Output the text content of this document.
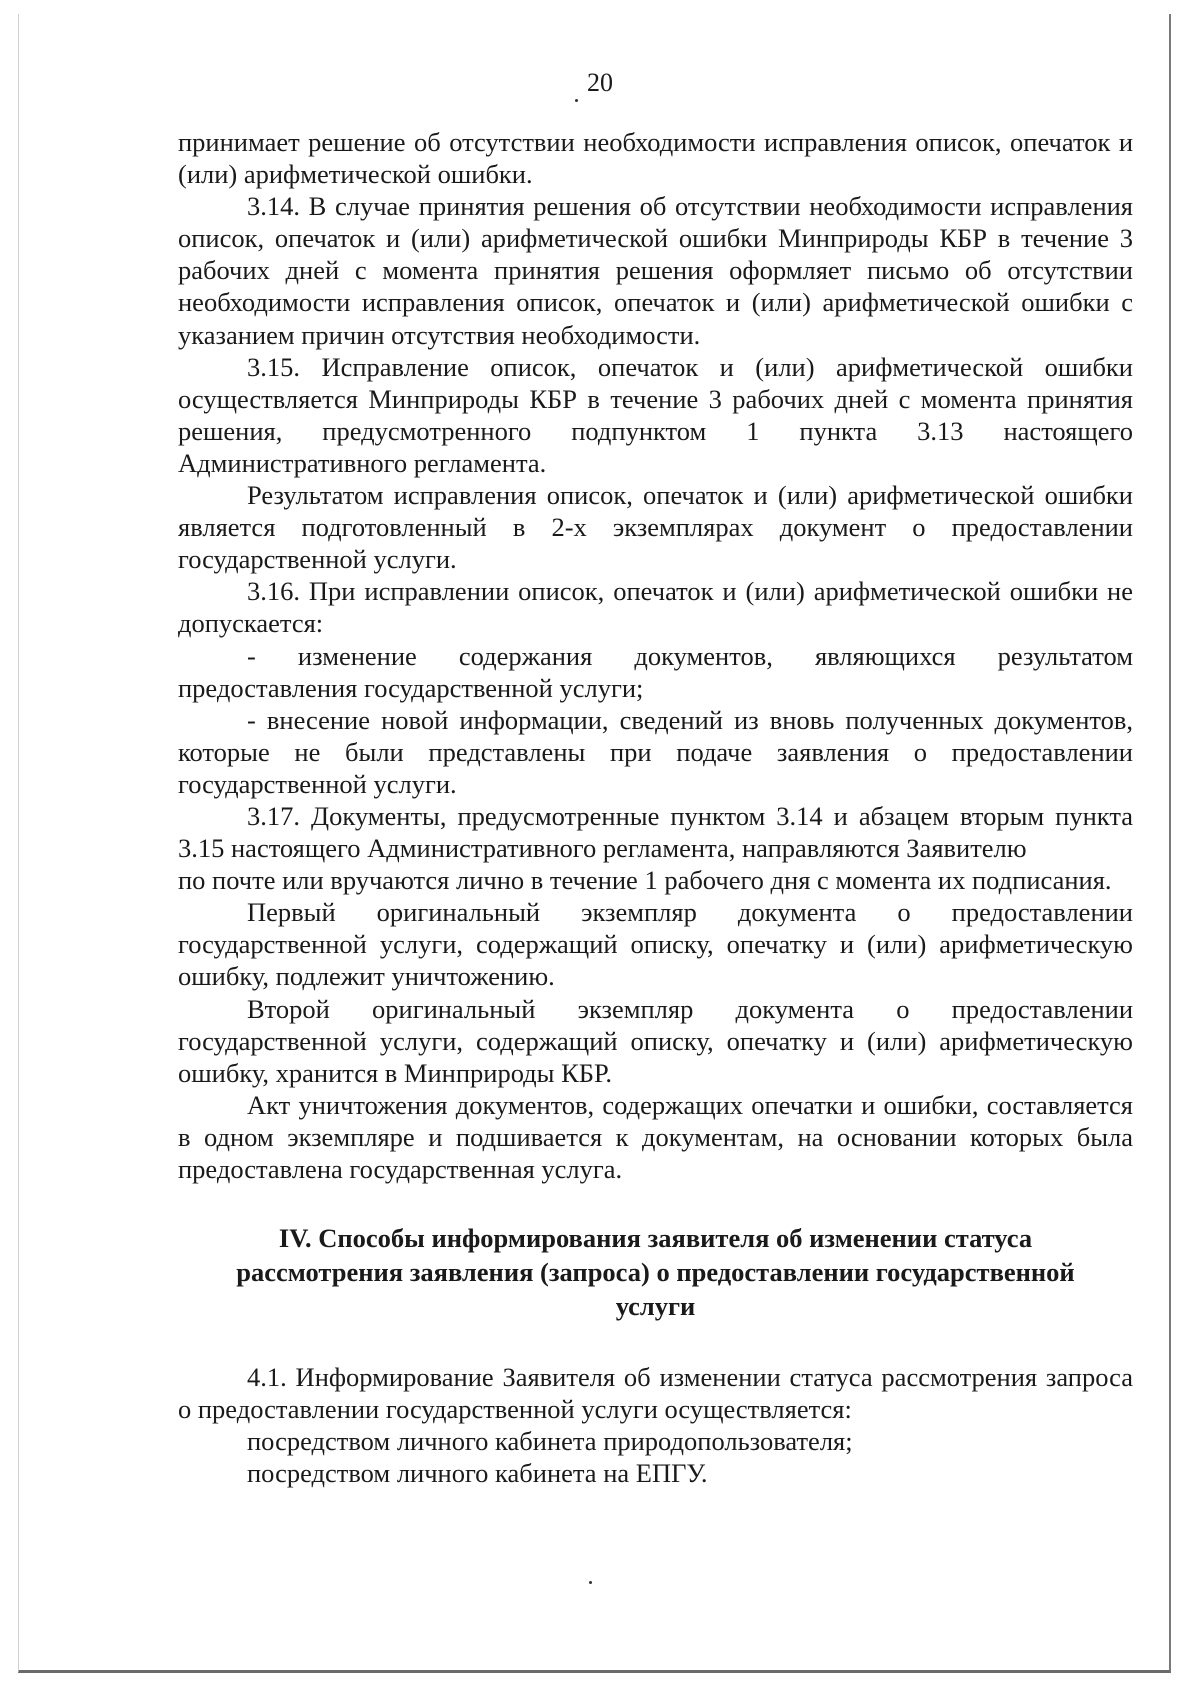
20

принимает решение об отсутствии необходимости исправления описок, опечаток и (или) арифметической ошибки.

3.14. В случае принятия решения об отсутствии необходимости исправления описок, опечаток и (или) арифметической ошибки Минприроды КБР в течение 3 рабочих дней с момента принятия решения оформляет письмо об отсутствии необходимости исправления описок, опечаток и (или) арифметической ошибки с указанием причин отсутствия необходимости.

3.15. Исправление описок, опечаток и (или) арифметической ошибки осуществляется Минприроды КБР в течение 3 рабочих дней с момента принятия решения, предусмотренного подпунктом 1 пункта 3.13 настоящего Административного регламента.

Результатом исправления описок, опечаток и (или) арифметической ошибки является подготовленный в 2-х экземплярах документ о предоставлении государственной услуги.

3.16. При исправлении описок, опечаток и (или) арифметической ошибки не допускается:

- изменение содержания документов, являющихся результатом предоставления государственной услуги;

- внесение новой информации, сведений из вновь полученных документов, которые не были представлены при подаче заявления о предоставлении государственной услуги.

3.17. Документы, предусмотренные пунктом 3.14 и абзацем вторым пункта 3.15 настоящего Административного регламента, направляются Заявителю

по почте или вручаются лично в течение 1 рабочего дня с момента их подписания.

Первый оригинальный экземпляр документа о предоставлении государственной услуги, содержащий описку, опечатку и (или) арифметическую ошибку, подлежит уничтожению.

Второй оригинальный экземпляр документа о предоставлении государственной услуги, содержащий описку, опечатку и (или) арифметическую ошибку, хранится в Минприроды КБР.

Акт уничтожения документов, содержащих опечатки и ошибки, составляется в одном экземпляре и подшивается к документам, на основании которых была предоставлена государственная услуга.

IV. Способы информирования заявителя об изменении статуса рассмотрения заявления (запроса) о предоставлении государственной услуги

4.1. Информирование Заявителя об изменении статуса рассмотрения запроса о предоставлении государственной услуги осуществляется:

посредством личного кабинета природопользователя;

посредством личного кабинета на ЕПГУ.
